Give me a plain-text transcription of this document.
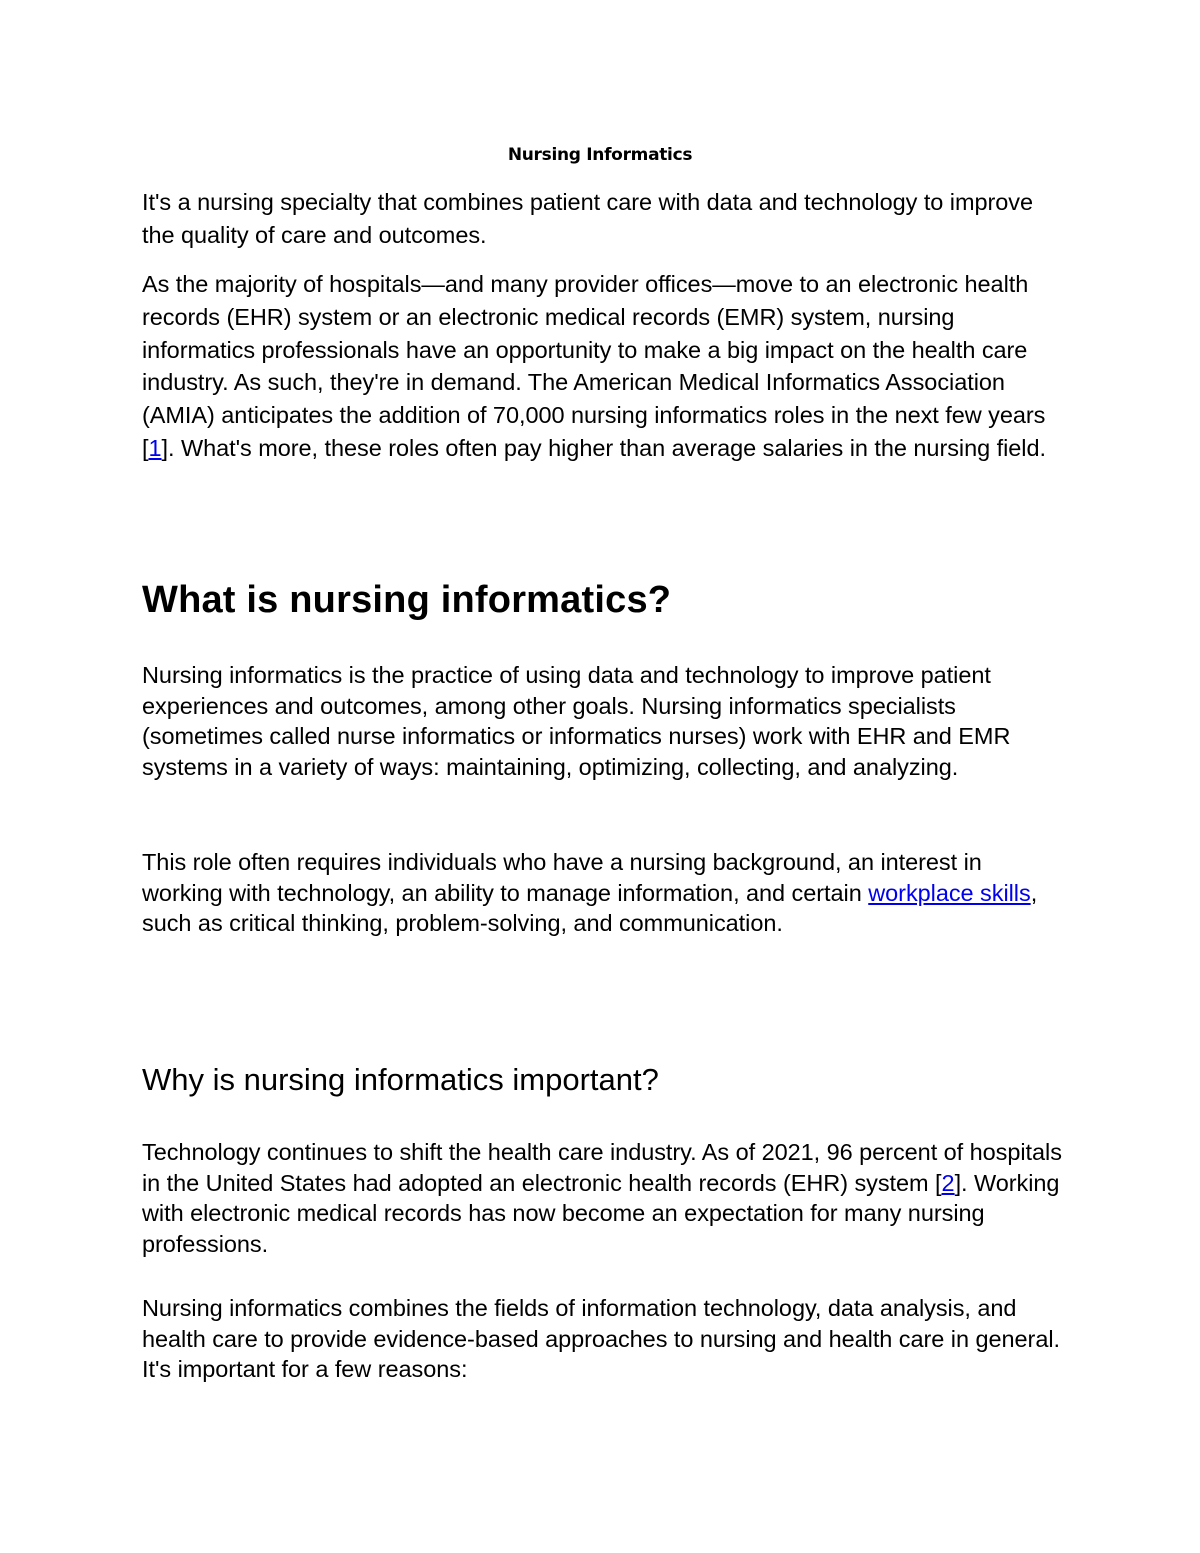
Nursing Informatics

It's a nursing specialty that combines patient care with data and technology to improve the quality of care and outcomes.

As the majority of hospitals—and many provider offices—move to an electronic health records (EHR) system or an electronic medical records (EMR) system, nursing informatics professionals have an opportunity to make a big impact on the health care industry. As such, they're in demand. The American Medical Informatics Association (AMIA) anticipates the addition of 70,000 nursing informatics roles in the next few years [1]. What's more, these roles often pay higher than average salaries in the nursing field.

What is nursing informatics?

Nursing informatics is the practice of using data and technology to improve patient experiences and outcomes, among other goals. Nursing informatics specialists (sometimes called nurse informatics or informatics nurses) work with EHR and EMR systems in a variety of ways: maintaining, optimizing, collecting, and analyzing.

This role often requires individuals who have a nursing background, an interest in working with technology, an ability to manage information, and certain workplace skills, such as critical thinking, problem-solving, and communication.

Why is nursing informatics important?

Technology continues to shift the health care industry. As of 2021, 96 percent of hospitals in the United States had adopted an electronic health records (EHR) system [2]. Working with electronic medical records has now become an expectation for many nursing professions.

Nursing informatics combines the fields of information technology, data analysis, and health care to provide evidence-based approaches to nursing and health care in general. It's important for a few reasons:
